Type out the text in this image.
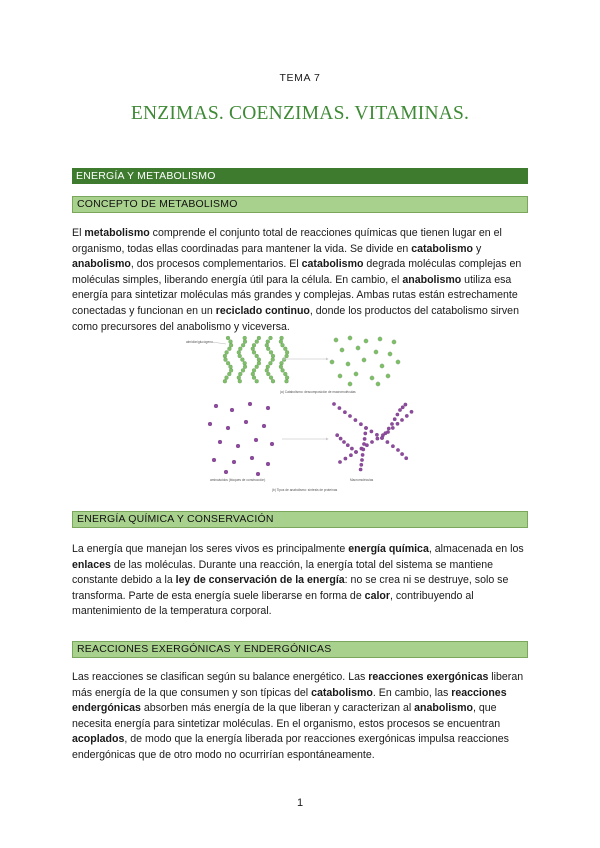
TEMA 7
ENZIMAS. COENZIMAS. VITAMINAS.
ENERGÍA Y METABOLISMO
CONCEPTO DE METABOLISMO
El metabolismo comprende el conjunto total de reacciones químicas que tienen lugar en el organismo, todas ellas coordinadas para mantener la vida. Se divide en catabolismo y anabolismo, dos procesos complementarios. El catabolismo degrada moléculas complejas en moléculas simples, liberando energía útil para la célula. En cambio, el anabolismo utiliza esa energía para sintetizar moléculas más grandes y complejas. Ambas rutas están estrechamente conectadas y funcionan en un reciclado continuo, donde los productos del catabolismo sirven como precursores del anabolismo y viceversa.
almidón/glucógeno
(a) Catabolismo: descomposición de macromoléculas
aminoácidos (bloques de construcción)	Macromoléculas
(b) Tipos de anabolismo: síntesis de proteínas
ENERGÍA QUÍMICA Y CONSERVACIÓN
La energía que manejan los seres vivos es principalmente energía química, almacenada en los enlaces de las moléculas. Durante una reacción, la energía total del sistema se mantiene constante debido a la ley de conservación de la energía: no se crea ni se destruye, solo se transforma. Parte de esta energía suele liberarse en forma de calor, contribuyendo al mantenimiento de la temperatura corporal.
REACCIONES EXERGÓNICAS Y ENDERGÓNICAS
Las reacciones se clasifican según su balance energético. Las reacciones exergónicas liberan más energía de la que consumen y son típicas del catabolismo. En cambio, las reacciones endergónicas absorben más energía de la que liberan y caracterizan al anabolismo, que necesita energía para sintetizar moléculas. En el organismo, estos procesos se encuentran acoplados, de modo que la energía liberada por reacciones exergónicas impulsa reacciones endergónicas que de otro modo no ocurrirían espontáneamente.
1
